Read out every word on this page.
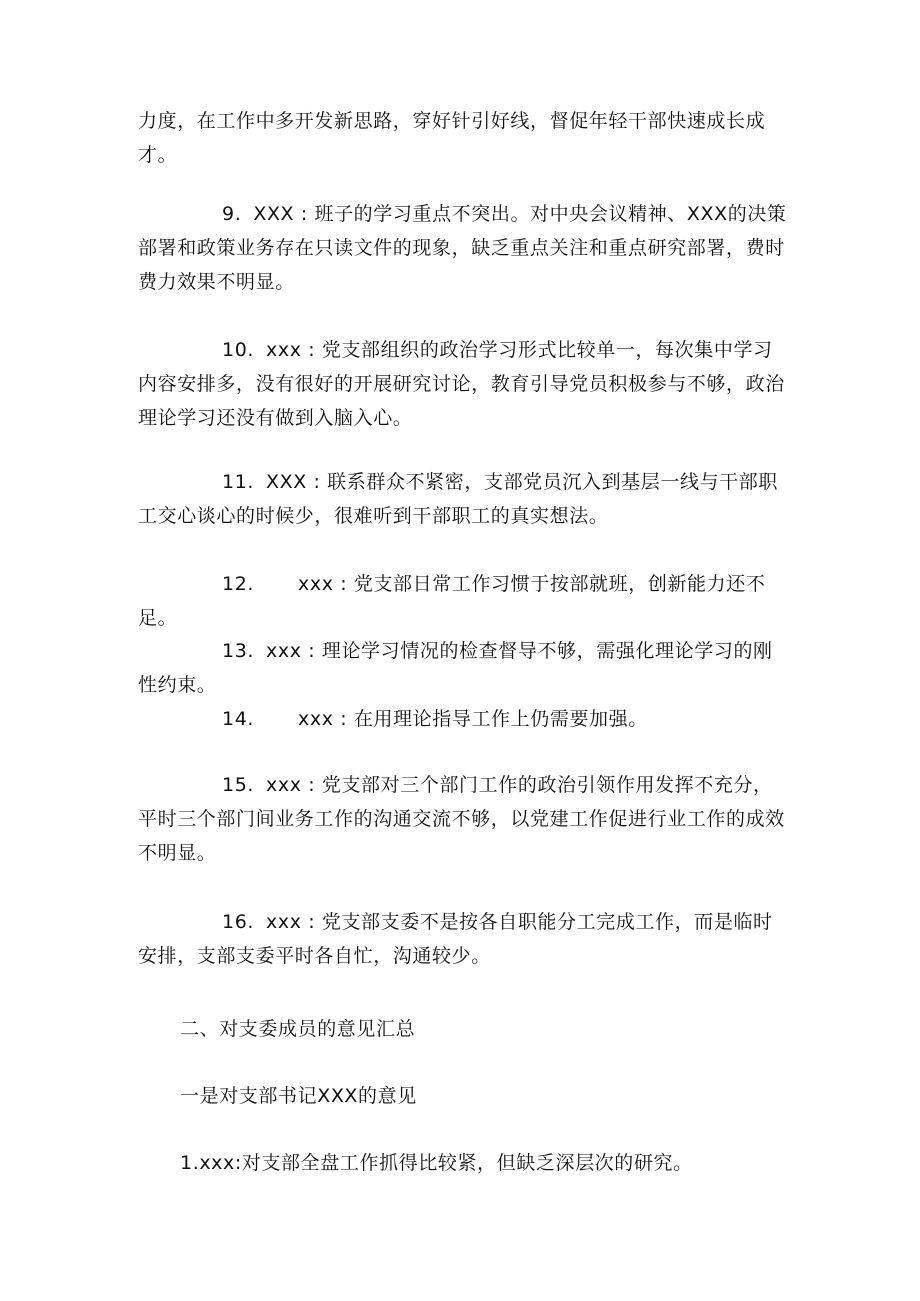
力度，在工作中多开发新思路，穿好针引好线，督促年轻干部快速成长成才。

9. XXX : 班子的学习重点不突出。对中央会议精神、XXX的决策部署和政策业务存在只读文件的现象，缺乏重点关注和重点研究部署，费时费力效果不明显。

10. xxx : 党支部组织的政治学习形式比较单一，每次集中学习内容安排多，没有很好的开展研究讨论，教育引导党员积极参与不够，政治理论学习还没有做到入脑入心。

11. XXX : 联系群众不紧密，支部党员沉入到基层一线与干部职工交心谈心的时候少，很难听到干部职工的真实想法。

12. xxx : 党支部日常工作习惯于按部就班，创新能力还不足。

13. xxx : 理论学习情况的检查督导不够，需强化理论学习的刚性约束。

14. xxx : 在用理论指导工作上仍需要加强。

15. xxx : 党支部对三个部门工作的政治引领作用发挥不充分，平时三个部门间业务工作的沟通交流不够，以党建工作促进行业工作的成效不明显。

16. xxx : 党支部支委不是按各自职能分工完成工作，而是临时安排，支部支委平时各自忙，沟通较少。

二、对支委成员的意见汇总

一是对支部书记XXX的意见

1.xxx:对支部全盘工作抓得比较紧，但缺乏深层次的研究。
